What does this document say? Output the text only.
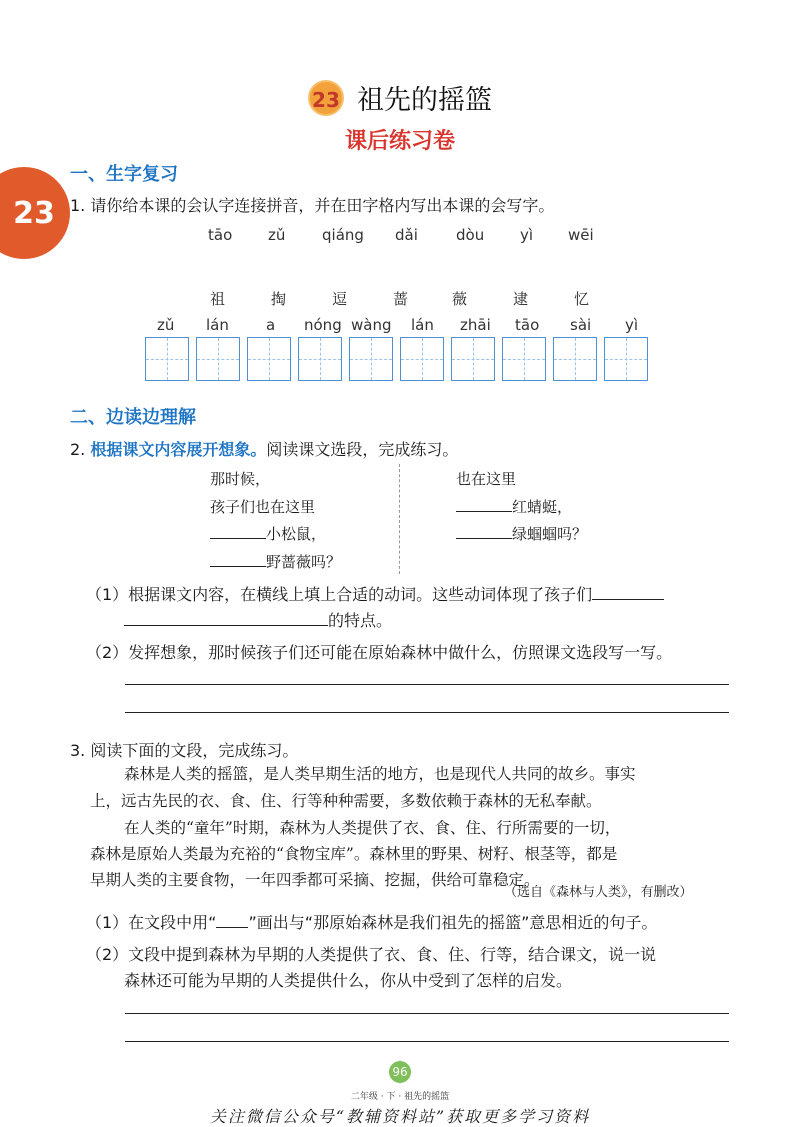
23
23 祖先的摇篮
课后练习卷
一、生字复习
1. 请你给本课的会认字连接拼音，并在田字格内写出本课的会写字。
tāo zǔ qiáng dǎi	dòu yì wēi
祖	掏	逗	蔷	薇	逮	忆
zǔ lán a nóng wàng lán zhāi tāo sài yì
二、边读边理解
2. 根据课文内容展开想象。阅读课文选段，完成练习。
那时候，
孩子们也在这里
小松鼠，
野蔷薇吗？
也在这里
红蜻蜓，
绿蝈蝈吗？
（1）根据课文内容，在横线上填上合适的动词。这些动词体现了孩子们
的特点。
（2）发挥想象，那时候孩子们还可能在原始森林中做什么，仿照课文选段写一写。
3. 阅读下面的文段，完成练习。
森林是人类的摇篮，是人类早期生活的地方，也是现代人共同的故乡。事实
上，远古先民的衣、食、住、行等种种需要，多数依赖于森林的无私奉献。
在人类的“童年”时期，森林为人类提供了衣、食、住、行所需要的一切，
森林是原始人类最为充裕的“食物宝库”。森林里的野果、树籽、根茎等，都是
早期人类的主要食物，一年四季都可采摘、挖掘，供给可靠稳定。
（选自《森林与人类》，有删改）
（1）在文段中用“ ”画出与“那原始森林是我们祖先的摇篮”意思相近的句子。
（2）文段中提到森林为早期的人类提供了衣、食、住、行等，结合课文，说一说
森林还可能为早期的人类提供什么，你从中受到了怎样的启发。
96
二年级 · 下 · 祖先的摇篮
关注微信公众号“教辅资料站”获取更多学习资料
